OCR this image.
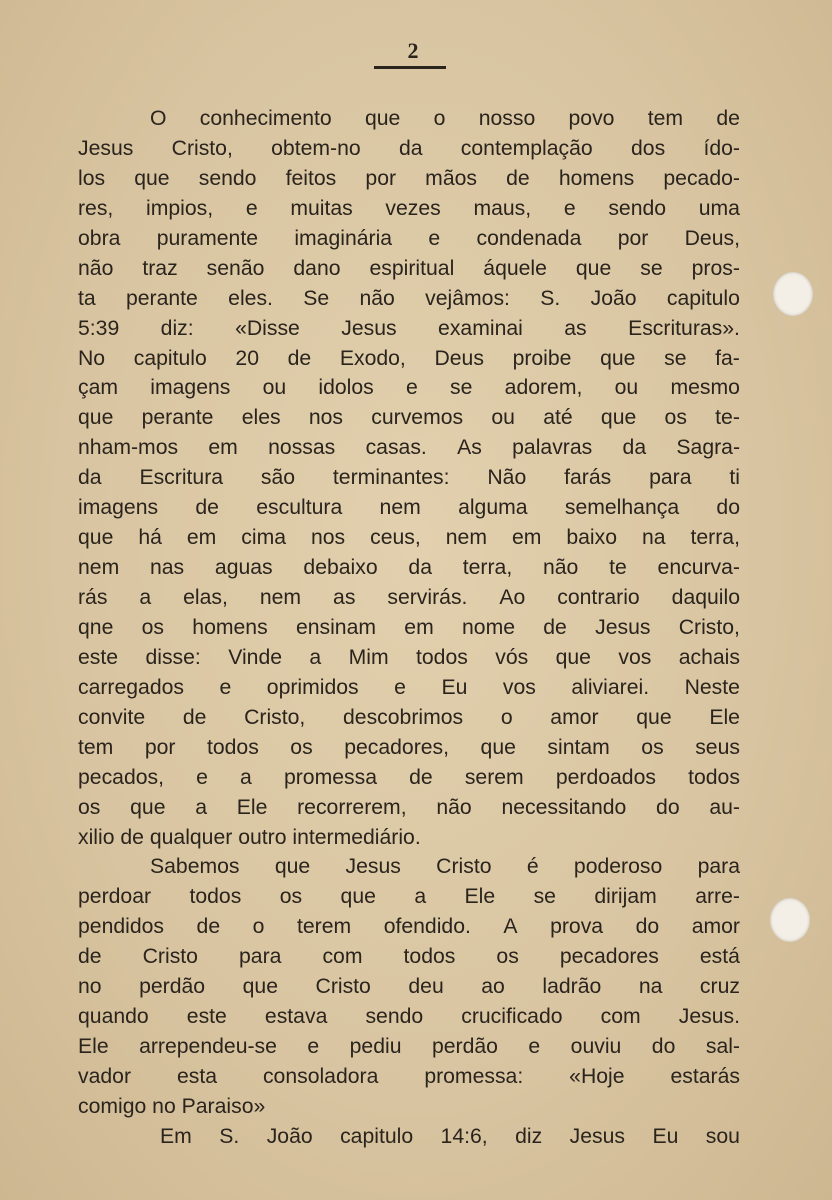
2
O conhecimento que o nosso povo tem de
Jesus Cristo, obtem-no da contemplação dos ído-
los que sendo feitos por mãos de homens pecado-
res, impios, e muitas vezes maus, e sendo uma
obra puramente imaginária e condenada por Deus,
não traz senão dano espiritual áquele que se pros-
ta perante eles. Se não vejâmos: S. João capitulo
5:39 diz: «Disse Jesus examinai as Escrituras».
No capitulo 20 de Exodo, Deus proibe que se fa-
çam imagens ou idolos e se adorem, ou mesmo
que perante eles nos curvemos ou até que os te-
nham-mos em nossas casas. As palavras da Sagra-
da Escritura são terminantes: Não farás para ti
imagens de escultura nem alguma semelhança do
que há em cima nos ceus, nem em baixo na terra,
nem nas aguas debaixo da terra, não te encurva-
rás a elas, nem as servirás. Ao contrario daquilo
qne os homens ensinam em nome de Jesus Cristo,
este disse: Vinde a Mim todos vós que vos achais
carregados e oprimidos e Eu vos aliviarei. Neste
convite de Cristo, descobrimos o amor que Ele
tem por todos os pecadores, que sintam os seus
pecados, e a promessa de serem perdoados todos
os que a Ele recorrerem, não necessitando do au-
xilio de qualquer outro intermediário.
Sabemos que Jesus Cristo é poderoso para
perdoar todos os que a Ele se dirijam arre-
pendidos de o terem ofendido. A prova do amor
de Cristo para com todos os pecadores está
no perdão que Cristo deu ao ladrão na cruz
quando este estava sendo crucificado com Jesus.
Ele arrependeu-se e pediu perdão e ouviu do sal-
vador esta consoladora promessa: «Hoje estarás
comigo no Paraiso»
Em S. João capitulo 14:6, diz Jesus Eu sou
